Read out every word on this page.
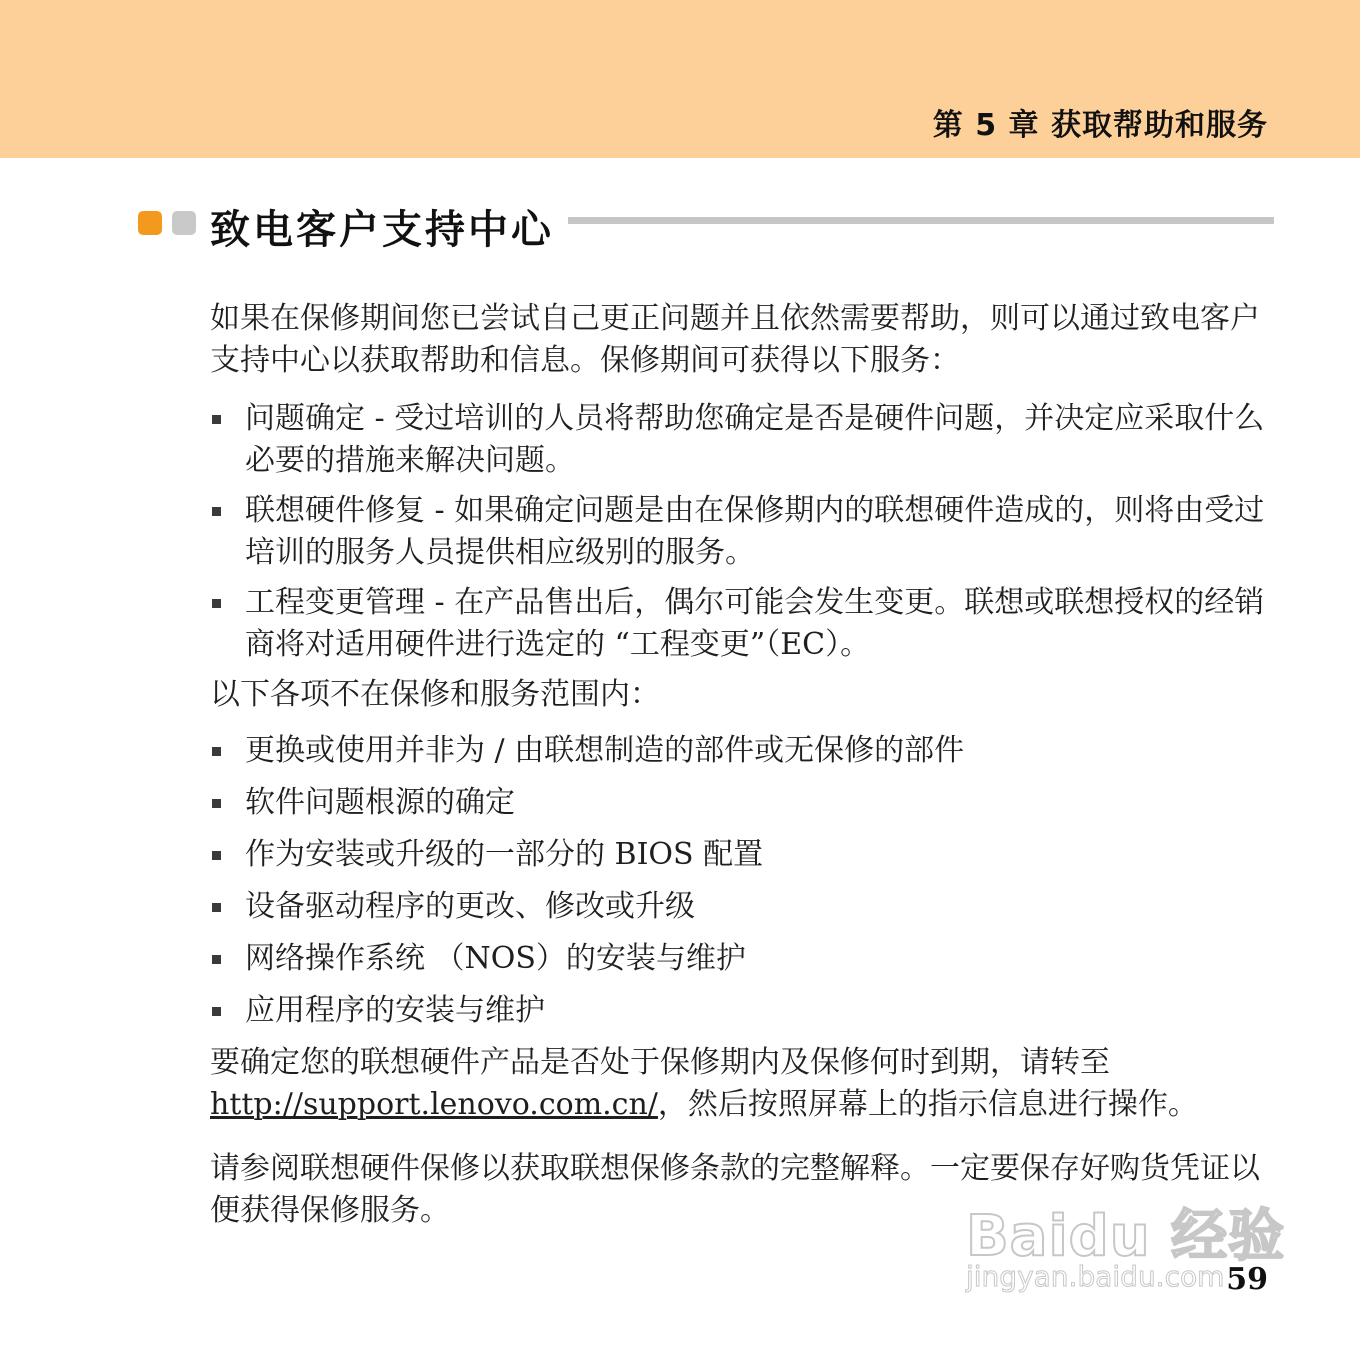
第 5 章 获取帮助和服务
致电客户支持中心

如果在保修期间您已尝试自己更正问题并且依然需要帮助，则可以通过致电客户支持中心以获取帮助和信息。保修期间可获得以下服务：

问题确定 - 受过培训的人员将帮助您确定是否是硬件问题，并决定应采取什么必要的措施来解决问题。
联想硬件修复 - 如果确定问题是由在保修期内的联想硬件造成的，则将由受过培训的服务人员提供相应级别的服务。
工程变更管理 - 在产品售出后，偶尔可能会发生变更。联想或联想授权的经销商将对适用硬件进行选定的 “工程变更”（EC）。

以下各项不在保修和服务范围内：

更换或使用并非为 / 由联想制造的部件或无保修的部件
软件问题根源的确定
作为安装或升级的一部分的 BIOS 配置
设备驱动程序的更改、修改或升级
网络操作系统 （NOS）的安装与维护
应用程序的安装与维护

要确定您的联想硬件产品是否处于保修期内及保修何时到期，请转至
http://support.lenovo.com.cn/，然后按照屏幕上的指示信息进行操作。

请参阅联想硬件保修以获取联想保修条款的完整解释。一定要保存好购货凭证以便获得保修服务。

59
Baidu 经验
jingyan.baidu.com
